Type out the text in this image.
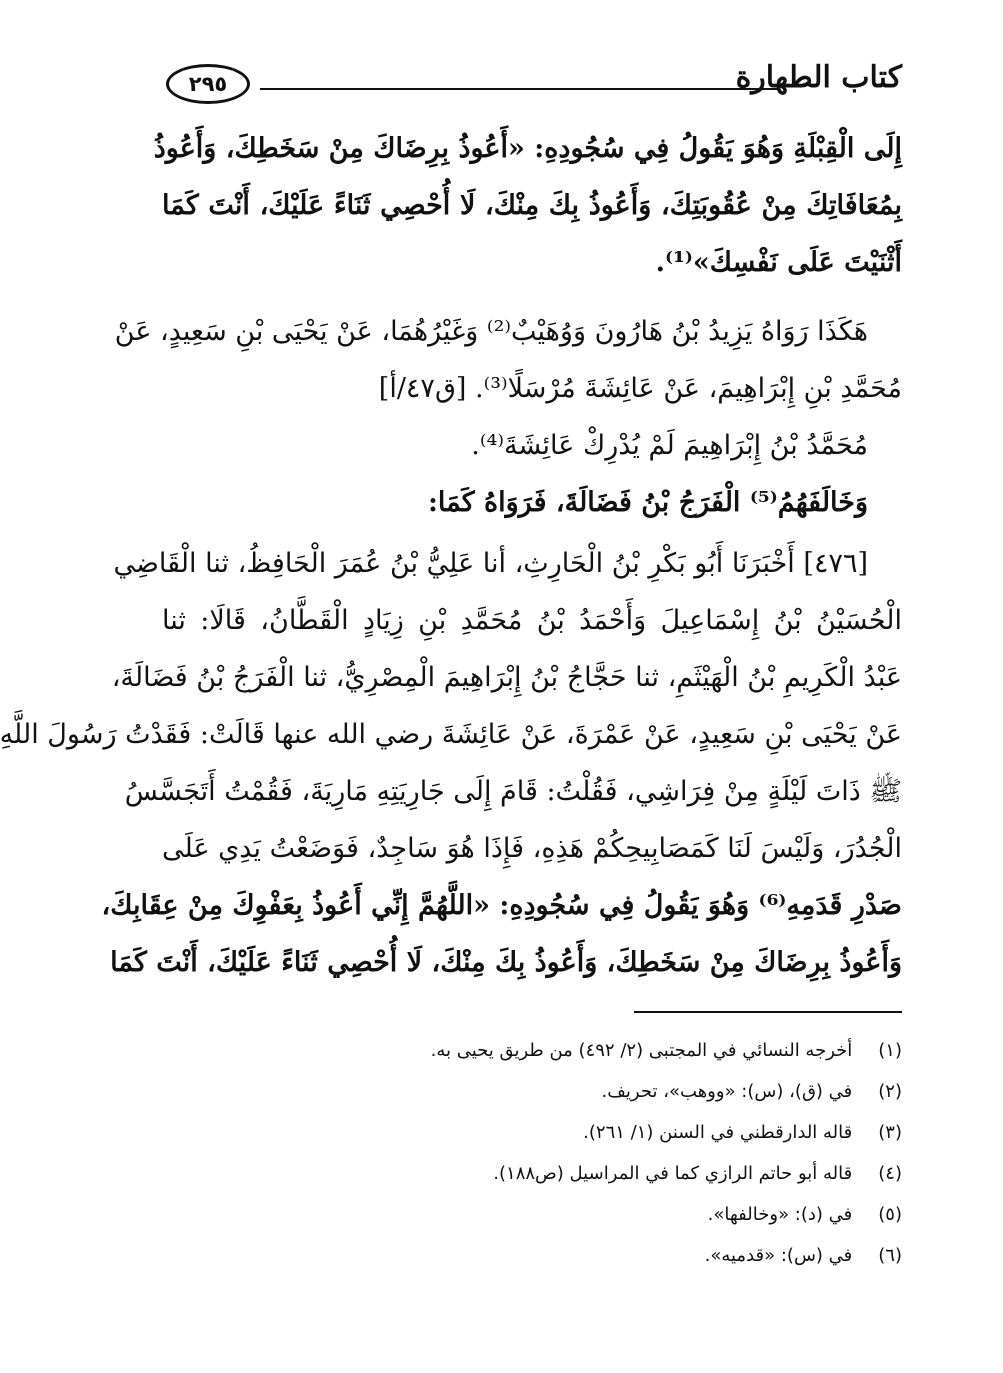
كتاب الطهارة
٢٩٥
إِلَى الْقِبْلَةِ وَهُوَ يَقُولُ فِي سُجُودِهِ: «أَعُوذُ بِرِضَاكَ مِنْ سَخَطِكَ، وَأَعُوذُ
بِمُعَافَاتِكَ مِنْ عُقُوبَتِكَ، وَأَعُوذُ بِكَ مِنْكَ، لَا أُحْصِي ثَنَاءً عَلَيْكَ، أَنْتَ كَمَا
أَثْنَيْتَ عَلَى نَفْسِكَ»⁽¹⁾.
هَكَذَا رَوَاهُ يَزِيدُ بْنُ هَارُونَ وَوُهَيْبٌ⁽²⁾ وَغَيْرُهُمَا، عَنْ يَحْيَى بْنِ سَعِيدٍ، عَنْ
مُحَمَّدِ بْنِ إِبْرَاهِيمَ، عَنْ عَائِشَةَ مُرْسَلًا⁽³⁾. [ق٤٧/أ]
مُحَمَّدُ بْنُ إِبْرَاهِيمَ لَمْ يُدْرِكْ عَائِشَةَ⁽⁴⁾.
وَخَالَفَهُمُ⁽⁵⁾ الْفَرَجُ بْنُ فَضَالَةَ، فَرَوَاهُ كَمَا:
[٤٧٦] أَخْبَرَنَا أَبُو بَكْرِ بْنُ الْحَارِثِ، أنا عَلِيُّ بْنُ عُمَرَ الْحَافِظُ، ثنا الْقَاضِي
الْحُسَيْنُ بْنُ إِسْمَاعِيلَ وَأَحْمَدُ بْنُ مُحَمَّدِ بْنِ زِيَادٍ الْقَطَّانُ، قَالَا: ثنا
عَبْدُ الْكَرِيمِ بْنُ الْهَيْثَمِ، ثنا حَجَّاجُ بْنُ إِبْرَاهِيمَ الْمِصْرِيُّ، ثنا الْفَرَجُ بْنُ فَضَالَةَ،
عَنْ يَحْيَى بْنِ سَعِيدٍ، عَنْ عَمْرَةَ، عَنْ عَائِشَةَ رضي الله عنها قَالَتْ: فَقَدْتُ رَسُولَ اللَّهِ
ﷺ ذَاتَ لَيْلَةٍ مِنْ فِرَاشِي، فَقُلْتُ: قَامَ إِلَى جَارِيَتِهِ مَارِيَةَ، فَقُمْتُ أَتَجَسَّسُ
الْجُدُرَ، وَلَيْسَ لَنَا كَمَصَابِيحِكُمْ هَذِهِ، فَإِذَا هُوَ سَاجِدٌ، فَوَضَعْتُ يَدِي عَلَى
صَدْرِ قَدَمِهِ⁽⁶⁾ وَهُوَ يَقُولُ فِي سُجُودِهِ: «اللَّهُمَّ إِنِّي أَعُوذُ بِعَفْوِكَ مِنْ عِقَابِكَ،
وَأَعُوذُ بِرِضَاكَ مِنْ سَخَطِكَ، وَأَعُوذُ بِكَ مِنْكَ، لَا أُحْصِي ثَنَاءً عَلَيْكَ، أَنْتَ كَمَا
(١) أخرجه النسائي في المجتبى (٢/ ٤٩٢) من طريق يحيى به.
(٢) في (ق)، (س): «ووهب»، تحريف.
(٣) قاله الدارقطني في السنن (١/ ٢٦١).
(٤) قاله أبو حاتم الرازي كما في المراسيل (ص١٨٨).
(٥) في (د): «وخالفها».
(٦) في (س): «قدميه».
